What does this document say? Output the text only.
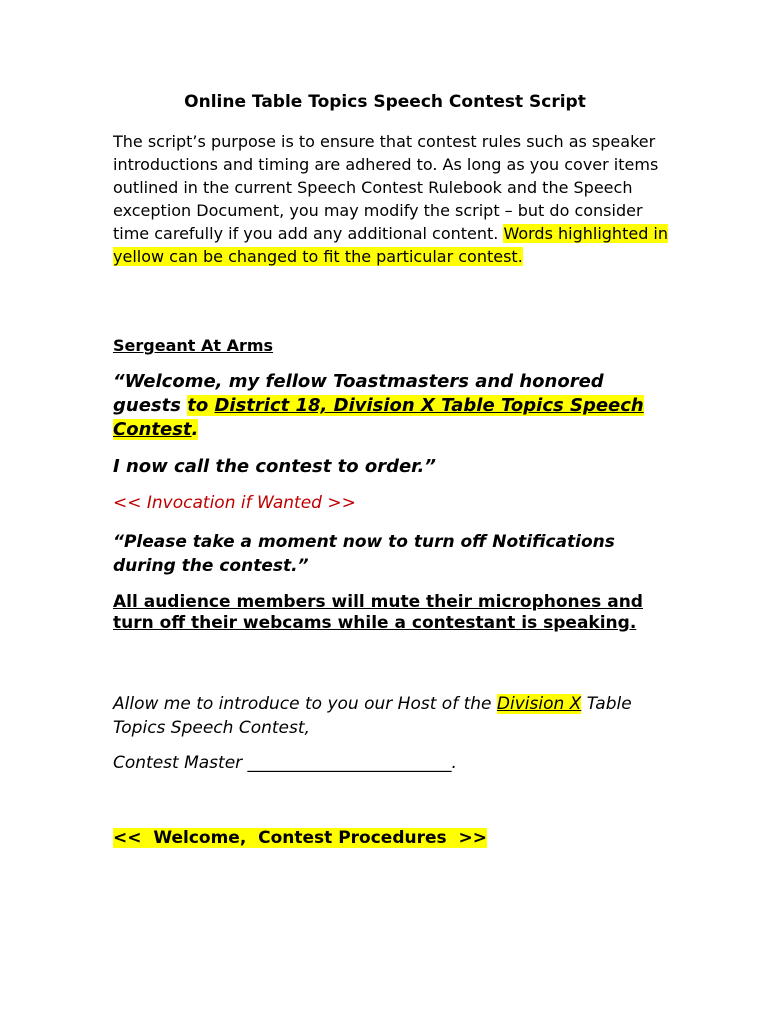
Online Table Topics Speech Contest Script
The script’s purpose is to ensure that contest rules such as speaker introductions and timing are adhered to. As long as you cover items outlined in the current Speech Contest Rulebook and the Speech exception Document, you may modify the script – but do consider time carefully if you add any additional content. Words highlighted in yellow can be changed to fit the particular contest.
Sergeant At Arms
“Welcome, my fellow Toastmasters and honored guests to District 18, Division X Table Topics Speech Contest.
I now call the contest to order.”
<< Invocation if Wanted >>
“Please take a moment now to turn off Notifications during the contest.”
All audience members will mute their microphones and turn off their webcams while a contestant is speaking.
Allow me to introduce to you our Host of the Division X Table Topics Speech Contest,
Contest Master ________________________.
<<  Welcome,  Contest Procedures  >>
